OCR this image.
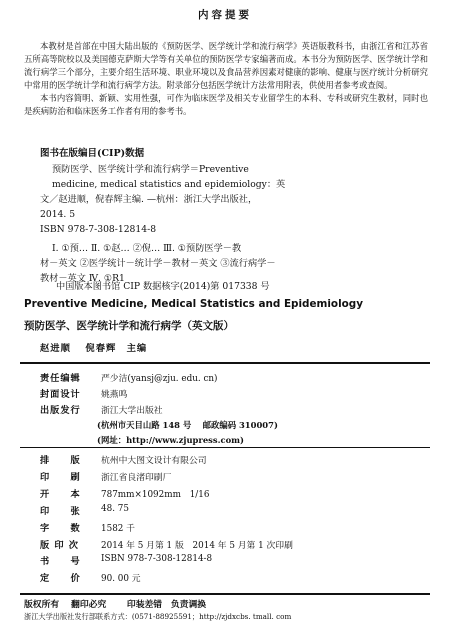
内容提要

本教材是首部在中国大陆出版的《预防医学、医学统计学和流行病学》英语版教科书，由浙江省和江苏省五所高等院校以及美国德克萨斯大学等有关单位的预防医学专家编著而成。本书分为预防医学、医学统计学和流行病学三个部分，主要介绍生活环境、职业环境以及食品营养因素对健康的影响、健康与医疗统计分析研究中常用的医学统计学和流行病学方法。附录部分包括医学统计方法常用附表，供使用者参考或查阅。

本书内容简明、新颖、实用性强，可作为临床医学及相关专业留学生的本科、专科或研究生教材，同时也是疾病防治和临床医务工作者有用的参考书。

图书在版编目(CIP)数据
预防医学、医学统计学和流行病学＝Preventive
medicine, medical statistics and epidemiology：英
文／赵进顺，倪春辉主编. —杭州：浙江大学出版社，
2014. 5
ISBN 978-7-308-12814-8
Ⅰ. ①预… Ⅱ. ①赵… ②倪… Ⅲ. ①预防医学－教
材－英文 ②医学统计－统计学－教材－英文 ③流行病学－
教材－英文 Ⅳ. ①R1
中国版本图书馆 CIP 数据核字(2014)第 017338 号
Preventive Medicine, Medical Statistics and Epidemiology
预防医学、医学统计学和流行病学（英文版）
赵进顺　 倪春辉　主编
责任编辑 严少洁(yansj@zju. edu. cn)
封面设计 姚燕鸣
出版发行 浙江大学出版社
(杭州市天目山路 148 号　 邮政编码 310007)
(网址：http://www.zjupress.com)
排　　版 杭州中大图文设计有限公司
印　　刷 浙江省良渚印刷厂
开　　本 787mm×1092mm　1/16
印　　张 48. 75
字　　数 1582 千
版 印 次	2014 年 5 月第 1 版　2014 年 5 月第 1 次印刷
书　　号 ISBN 978-7-308-12814-8
定　　价 90. 00 元
版权所有　 翻印必究　　 印装差错　负责调换
浙江大学出版社发行部联系方式：(0571-88925591；http://zjdxcbs. tmall. com
